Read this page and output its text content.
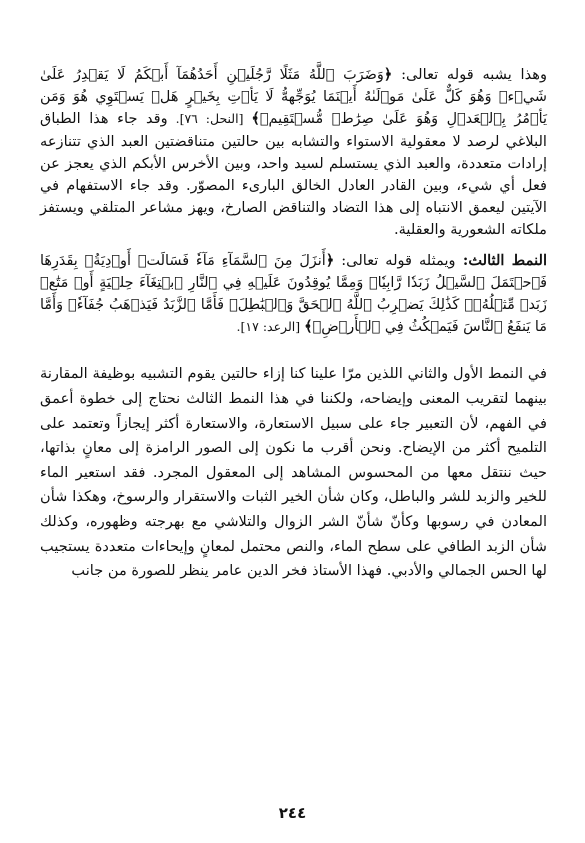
وهذا يشبه قوله تعالى: ﴿وَضَرَبَ ٱللَّهُ مَثَلًا رَّجُلَيۡنِ أَحَدُهُمَآ أَبۡكَمُ لَا يَقۡدِرُ عَلَىٰ شَيۡءٖ وَهُوَ كَلٌّ عَلَىٰ مَوۡلَىٰهُ أَيۡنَمَا يُوَجِّههُّ لَا يَأۡتِ بِخَيۡرٍ هَلۡ يَسۡتَوِي هُوَ وَمَن يَأۡمُرُ بِٱلۡعَدۡلِ وَهُوَ عَلَىٰ صِرَٰطٖ مُّسۡتَقِيمٖ﴾ [النحل: ٧٦]. وقد جاء هذا الطباق البلاغي لرصد لا معقولية الاستواء والتشابه بين حالتين متناقضتين العبد الذي تتنازعه إرادات متعددة، والعبد الذي يستسلم لسيد واحد، وبين الأخرس الأبكم الذي يعجز عن فعل أي شيء، وبين القادر العادل الخالق البارىء المصوّر. وقد جاء الاستفهام في الآيتين ليعمق الانتباه إلى هذا التضاد والتناقض الصارخ، ويهز مشاعر المتلقي ويستفز ملكاته الشعورية والعقلية.

النمط الثالث: ويمثله قوله تعالى: ﴿أَنزَلَ مِنَ ٱلسَّمَآءِ مَآءٗ فَسَالَتۡ أَوۡدِيَةُۢ بِقَدَرِهَا فَٱحۡتَمَلَ ٱلسَّيۡلُ زَبَدٗا رَّابِيٗاۖ وَمِمَّا يُوقِدُونَ عَلَيۡهِ فِي ٱلنَّارِ ٱبۡتِغَآءَ حِلۡيَةٍ أَوۡ مَتَٰعٖ زَبَدٞ مِّثۡلُهُۥۚ كَذَٰلِكَ يَضۡرِبُ ٱللَّهُ ٱلۡحَقَّ وَٱلۡبَٰطِلَۚ فَأَمَّا ٱلزَّبَدُ فَيَذۡهَبُ جُفَآءٗۖ وَأَمَّا مَا يَنفَعُ ٱلنَّاسَ فَيَمۡكُثُ فِي ٱلۡأَرۡضِۚ﴾ [الرعد: ١٧].

في النمط الأول والثاني اللذين مرّا علينا كنا إزاء حالتين يقوم التشبيه بوظيفة المقارنة بينهما لتقريب المعنى وإيضاحه، ولكننا في هذا النمط الثالث نحتاج إلى خطوة أعمق في الفهم، لأن التعبير جاء على سبيل الاستعارة، والاستعارة أكثر إيجازاً وتعتمد على التلميح أكثر من الإيضاح. ونحن أقرب ما نكون إلى الصور الرامزة إلى معانٍ بذاتها، حيث ننتقل معها من المحسوس المشاهد إلى المعقول المجرد. فقد استعير الماء للخير والزبد للشر والباطل، وكان شأن الخير الثبات والاستقرار والرسوخ، وهكذا شأن المعادن في رسوبها وكأنّ شأنّ الشر الزوال والتلاشي مع بهرجته وظهوره، وكذلك شأن الزبد الطافي على سطح الماء، والنص محتمل لمعانٍ وإيحاءات متعددة يستجيب لها الحس الجمالي والأدبي. فهذا الأستاذ فخر الدين عامر ينظر للصورة من جانب

٢٤٤
